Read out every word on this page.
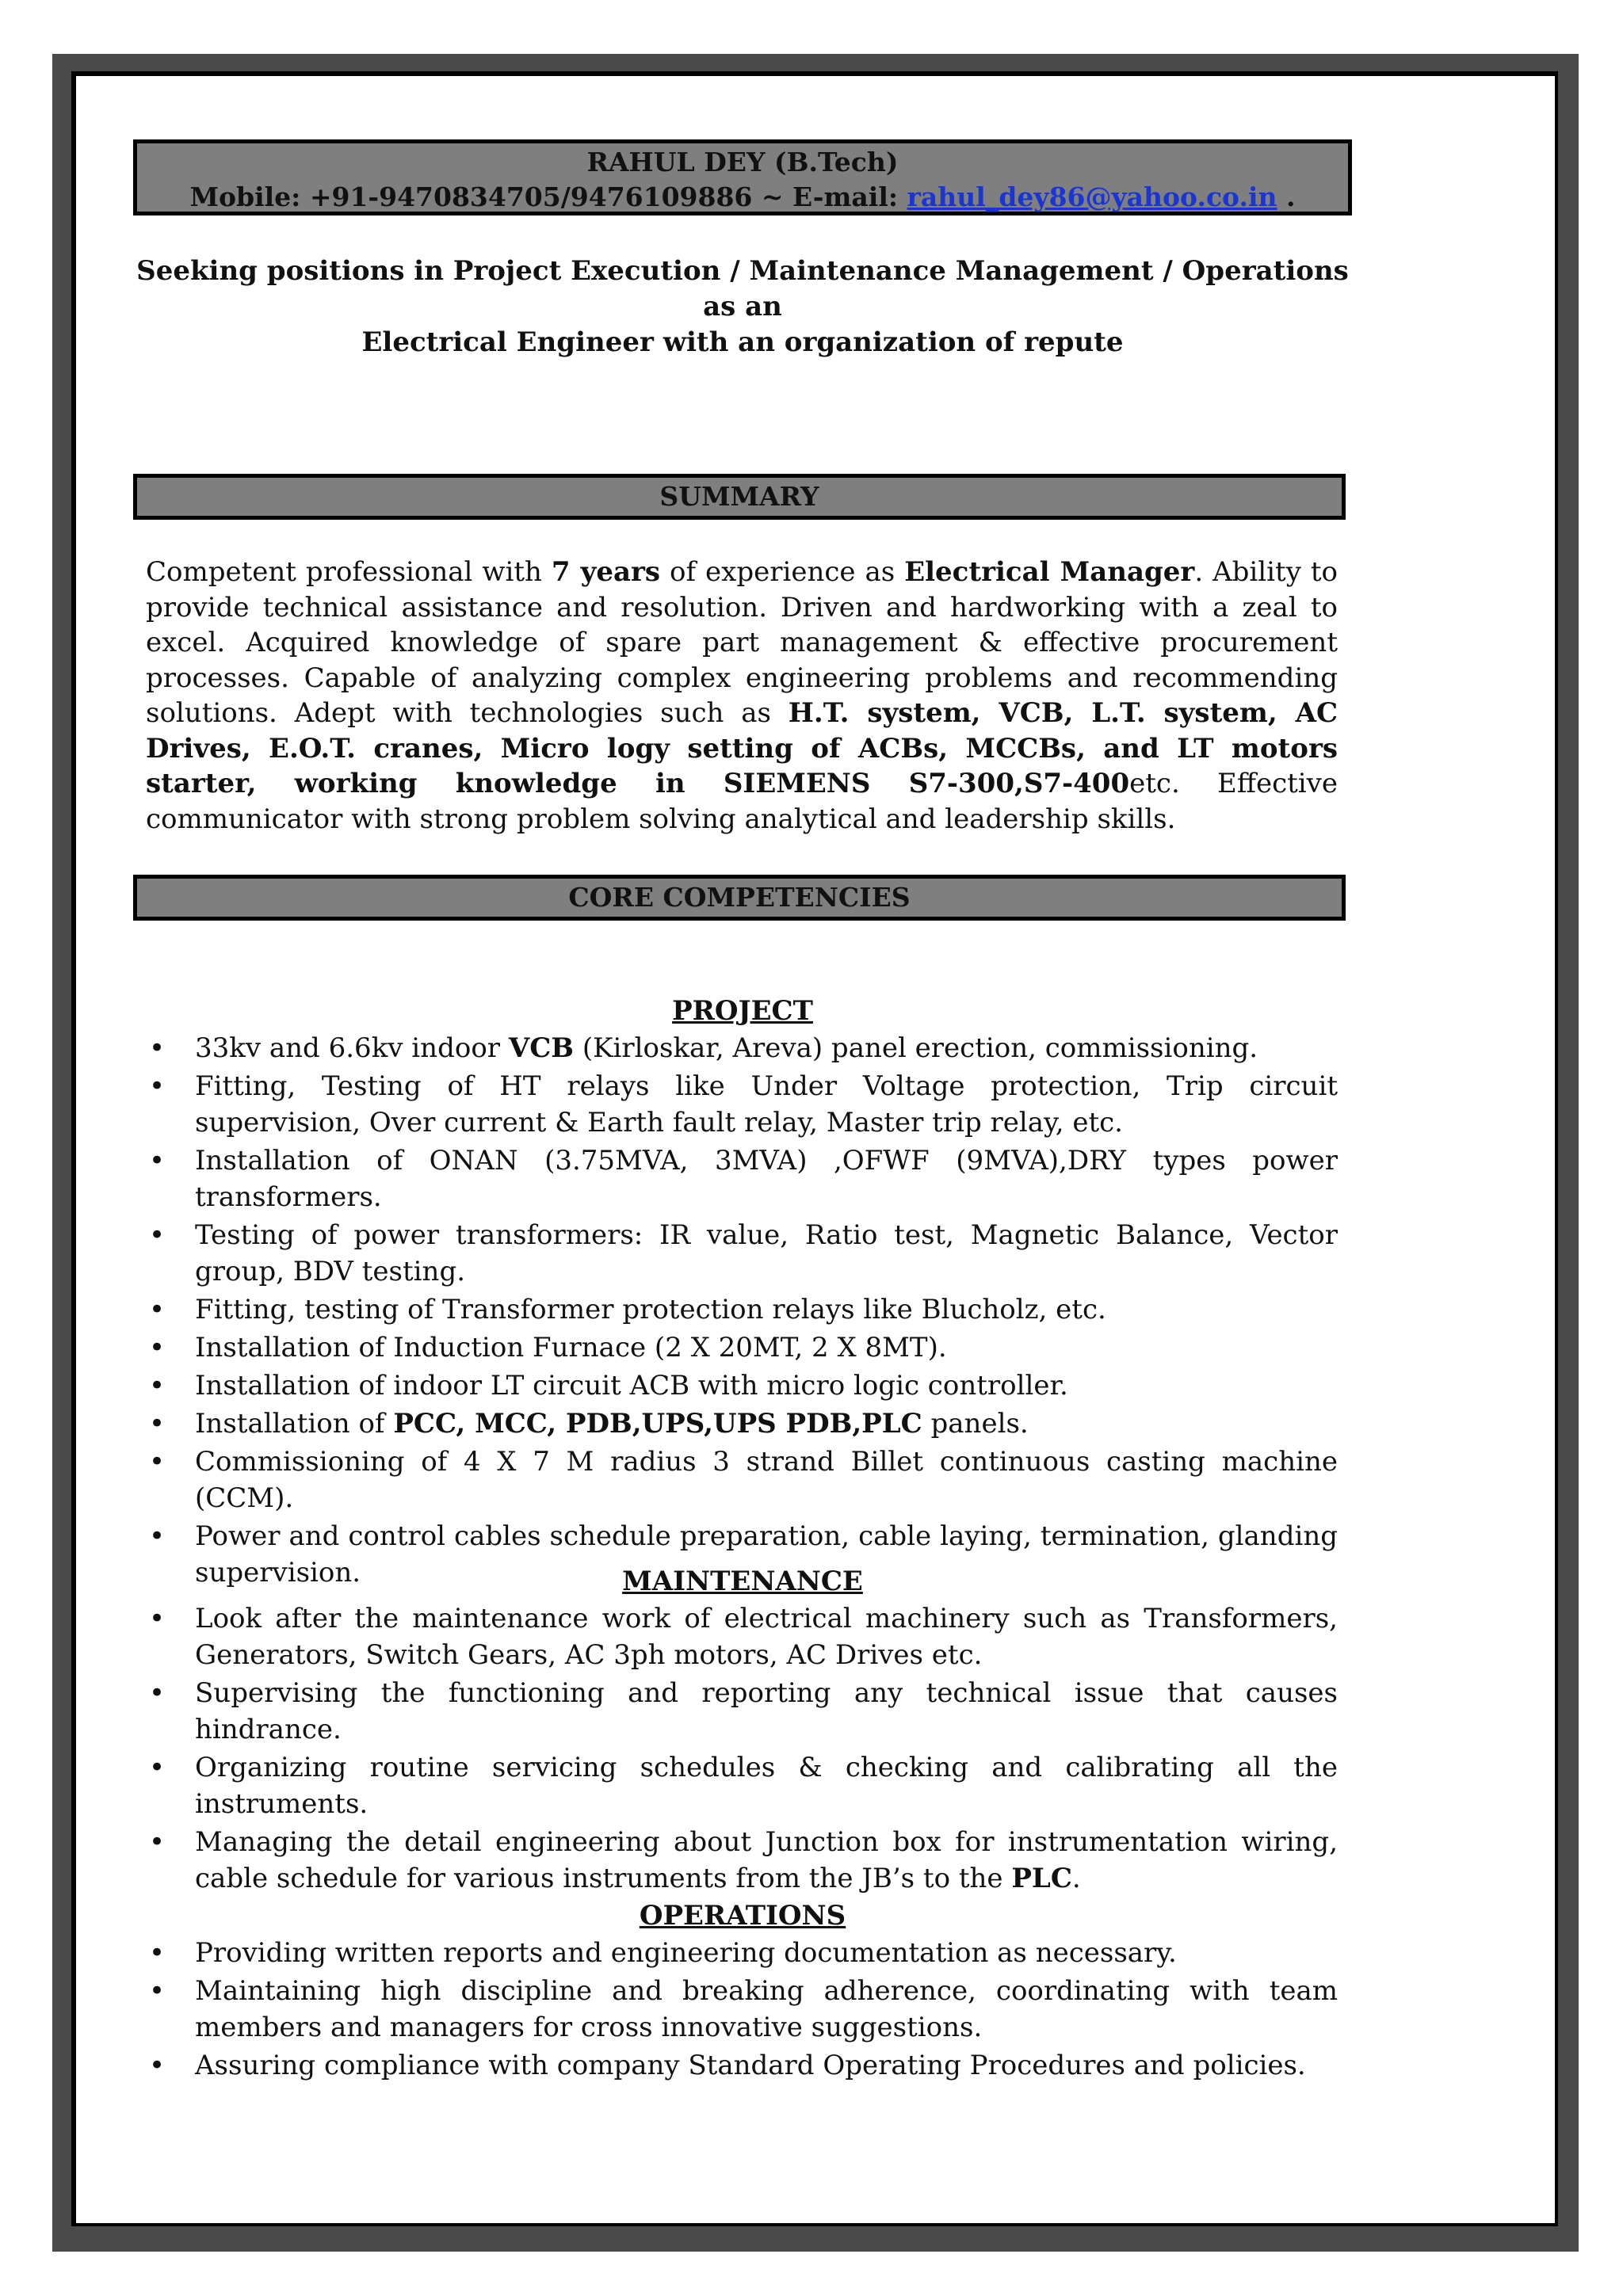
RAHUL DEY (B.Tech)
Mobile: +91-9470834705/9476109886 ~ E-mail: rahul_dey86@yahoo.co.in .
Seeking positions in Project Execution / Maintenance Management / Operations as an
Electrical Engineer with an organization of repute
SUMMARY
Competent professional with 7 years of experience as Electrical Manager. Ability to provide technical assistance and resolution. Driven and hardworking with a zeal to excel. Acquired knowledge of spare part management & effective procurement processes. Capable of analyzing complex engineering problems and recommending solutions. Adept with technologies such as H.T. system, VCB, L.T. system, AC Drives, E.O.T. cranes, Micro logy setting of ACBs, MCCBs, and LT motors starter, working knowledge in SIEMENS S7-300,S7-400etc. Effective communicator with strong problem solving analytical and leadership skills.
CORE COMPETENCIES
PROJECT
• 33kv and 6.6kv indoor VCB (Kirloskar, Areva) panel erection, commissioning.
• Fitting, Testing of HT relays like Under Voltage protection, Trip circuit supervision, Over current & Earth fault relay, Master trip relay, etc.
• Installation of ONAN (3.75MVA, 3MVA) ,OFWF (9MVA),DRY types power transformers.
• Testing of power transformers: IR value, Ratio test, Magnetic Balance, Vector group, BDV testing.
• Fitting, testing of Transformer protection relays like Blucholz, etc.
• Installation of Induction Furnace (2 X 20MT, 2 X 8MT).
• Installation of indoor LT circuit ACB with micro logic controller.
• Installation of PCC, MCC, PDB,UPS,UPS PDB,PLC panels.
• Commissioning of 4 X 7 M radius 3 strand Billet continuous casting machine (CCM).
• Power and control cables schedule preparation, cable laying, termination, glanding supervision.	MAINTENANCE
• Look after the maintenance work of electrical machinery such as Transformers, Generators, Switch Gears, AC 3ph motors, AC Drives etc.
• Supervising the functioning and reporting any technical issue that causes hindrance.
• Organizing routine servicing schedules & checking and calibrating all the instruments.
• Managing the detail engineering about Junction box for instrumentation wiring, cable schedule for various instruments from the JB’s to the PLC.
OPERATIONS
• Providing written reports and engineering documentation as necessary.
• Maintaining high discipline and breaking adherence, coordinating with team members and managers for cross innovative suggestions.
• Assuring compliance with company Standard Operating Procedures and policies.
